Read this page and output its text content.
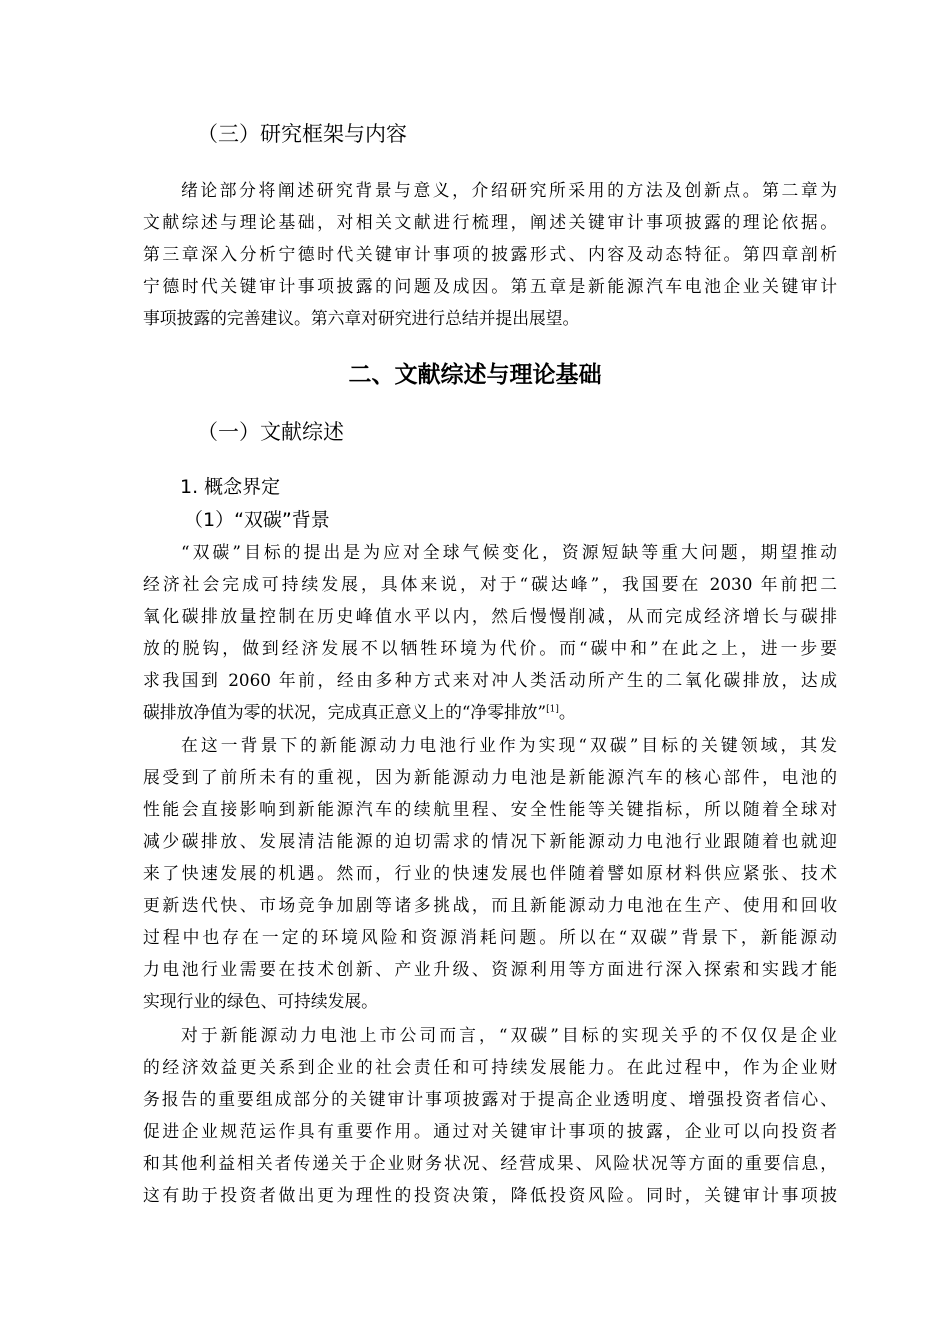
（三）研究框架与内容
绪论部分将阐述研究背景与意义，介绍研究所采用的方法及创新点。第二章为
文献综述与理论基础，对相关文献进行梳理，阐述关键审计事项披露的理论依据。
第三章深入分析宁德时代关键审计事项的披露形式、内容及动态特征。第四章剖析
宁德时代关键审计事项披露的问题及成因。第五章是新能源汽车电池企业关键审计
事项披露的完善建议。第六章对研究进行总结并提出展望。
二、文献综述与理论基础
（一）文献综述
1. 概念界定
（1）“双碳”背景
“双碳”目标的提出是为应对全球气候变化，资源短缺等重大问题，期望推动
经济社会完成可持续发展，具体来说，对于“碳达峰”，我国要在 2030 年前把二
氧化碳排放量控制在历史峰值水平以内，然后慢慢削减，从而完成经济增长与碳排
放的脱钩，做到经济发展不以牺牲环境为代价。而“碳中和”在此之上，进一步要
求我国到 2060 年前，经由多种方式来对冲人类活动所产生的二氧化碳排放，达成
碳排放净值为零的状况，完成真正意义上的“净零排放”[1]。
在这一背景下的新能源动力电池行业作为实现“双碳”目标的关键领域，其发
展受到了前所未有的重视，因为新能源动力电池是新能源汽车的核心部件，电池的
性能会直接影响到新能源汽车的续航里程、安全性能等关键指标，所以随着全球对
减少碳排放、发展清洁能源的迫切需求的情况下新能源动力电池行业跟随着也就迎
来了快速发展的机遇。然而，行业的快速发展也伴随着譬如原材料供应紧张、技术
更新迭代快、市场竞争加剧等诸多挑战，而且新能源动力电池在生产、使用和回收
过程中也存在一定的环境风险和资源消耗问题。所以在“双碳”背景下，新能源动
力电池行业需要在技术创新、产业升级、资源利用等方面进行深入探索和实践才能
实现行业的绿色、可持续发展。
对于新能源动力电池上市公司而言，“双碳”目标的实现关乎的不仅仅是企业
的经济效益更关系到企业的社会责任和可持续发展能力。在此过程中，作为企业财
务报告的重要组成部分的关键审计事项披露对于提高企业透明度、增强投资者信心、
促进企业规范运作具有重要作用。通过对关键审计事项的披露，企业可以向投资者
和其他利益相关者传递关于企业财务状况、经营成果、风险状况等方面的重要信息，
这有助于投资者做出更为理性的投资决策，降低投资风险。同时，关键审计事项披
